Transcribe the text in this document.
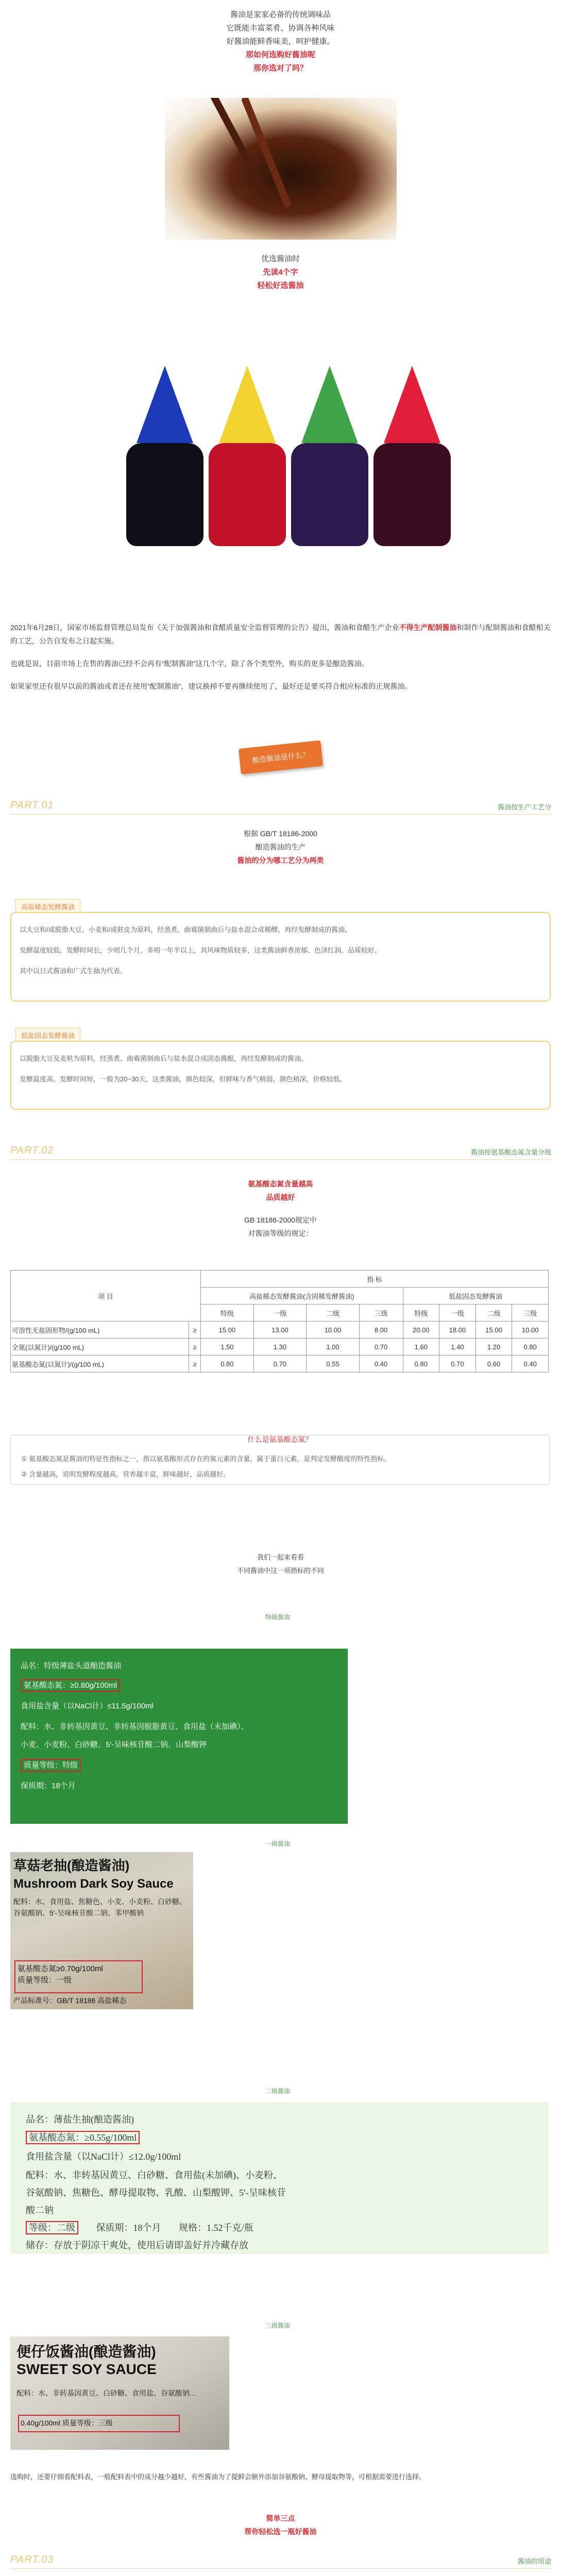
酱油是家家必备的传统调味品

它既能丰富菜肴、协调各种风味

好酱油能鲜香味美，呵护健康。

那如何选购好酱油呢

那你选对了吗？

优选酱油时

先读4个字

轻松好选酱油

2021年6月28日，国家市场监督管理总局发布《关于加强酱油和食醋质量安全监督管理的公告》提出，酱油和食醋生产企业不得生产配制酱油和制作与配制酱油和食醋相关的工艺，公告自发布之日起实施。

也就是说，目前市场上在售的酱油已经不会再有“配制酱油”这几个字，除了各个类型外，购买的更多是酿造酱油。

如果家里还有很早以前的酱油或者还在使用“配制酱油”，建议换掉不要再继续使用了，最好还是要买符合相应标准的正规酱油。

酿造酱油是什么？
PART.01	酱油按生产工艺分

根据 GB/T 18186-2000

酿造酱油的生产

酱油的分为哪工艺分为两类

高盐稀态发酵酱油
以大豆和/或脱脂大豆、小麦和/或麸皮为原料，经蒸煮、曲霉菌制曲后与盐水混合成稀醪，再经发酵制成的酱油。
发酵温度较低、发酵时间长，少则几个月，多则一年半以上，其风味物质较多，这类酱油鲜香浓郁、色泽红润、品质较好。
其中以日式酱油和广式生抽为代表。
低盐固态发酵酱油
以脱脂大豆及麦麸为原料，经蒸煮、曲霉菌制曲后与盐水混合成固态酱醅，再经发酵制成的酱油。
发酵温度高、发酵时间短，一般为20~30天。这类酱油，颜色较深，但鲜味与香气稍弱，颜色稍深，价格较低。
PART.02	酱油按氨基酸态氮含量分级

氨基酸态氮含量越高

品质越好

GB 18186-2000规定中

对酱油等级的规定：

项 目		指 标							
		高盐稀态发酵酱油(含固稀发酵酱油)				低盐固态发酵酱油			
		特级	一级	二级	三级	特级	一级	二级	三级
可溶性无盐固形物/(g/100 mL)	≥	15.00	13.00	10.00	8.00	20.00	18.00	15.00	10.00
全氮(以氮计)/(g/100 mL)	≥	1.50	1.30	1.00	0.70	1.60	1.40	1.20	0.80
氨基酸态氮(以氮计)/(g/100 mL)	≥	0.80	0.70	0.55	0.40	0.80	0.70	0.60	0.40
什么是氨基酸态氮？
① 氨基酸态氮是酱油的特征性指标之一，指以氨基酸形式存在的氮元素的含量。属于蛋白元素，是判定发酵酸度的特性指标。
② 含量越高，说明发酵程度越高，营养越丰富，鲜味越好，品质越好。

我们一起来看看

不同酱油中这一项指标的不同

特级酱油
品名：特级薄盐头道酿造酱油
氨基酸态氮：≥0.80g/100ml
食用盐含量（以NaCl计）≤11.5g/100ml
配料：水、非转基因黄豆、非转基因脱脂黄豆、食用盐（未加碘）、
小麦、小麦粉、白砂糖、5′-呈味核苷酸二钠、山梨酸钾
质量等级：特级
保质期：18个月
一级酱油
草菇老抽(酿造酱油)
Mushroom Dark Soy Sauce
配料：水、食用盐、焦糖色、小麦、小麦粉、白砂糖、谷氨酸钠、5′-呈味核苷酸二钠、苯甲酸钠
氨基酸态氮≥0.70g/100ml
质量等级：一级
产品标准号：GB/T 18186 高盐稀态
二级酱油
品名：薄盐生抽(酿造酱油)
氨基酸态氮：≥0.55g/100ml
食用盐含量（以NaCl计）≤12.0g/100ml
配料：水、非转基因黄豆、白砂糖、食用盐(未加碘)、小麦粉、
谷氨酸钠、焦糖色、酵母提取物、乳酸、山梨酸钾、5′-呈味核苷
酸二钠
等级：二级 保质期：18个月 规格：1.52千克/瓶
储存：存放于阴凉干爽处，使用后请即盖好并冷藏存放
三级酱油
便仔饭酱油(酿造酱油)
SWEET SOY SAUCE
配料：水、非转基因黄豆、白砂糖、食用盐、谷氨酸钠...
0.40g/100ml 质量等级：三级

选购时，还要仔细看配料表，一般配料表中的成分越少越好，有些酱油为了提鲜会额外添加谷氨酸钠、酵母提取物等，可根据需要进行选择。

简单三点

帮你轻松选一瓶好酱油

PART.03	酱油的用途
